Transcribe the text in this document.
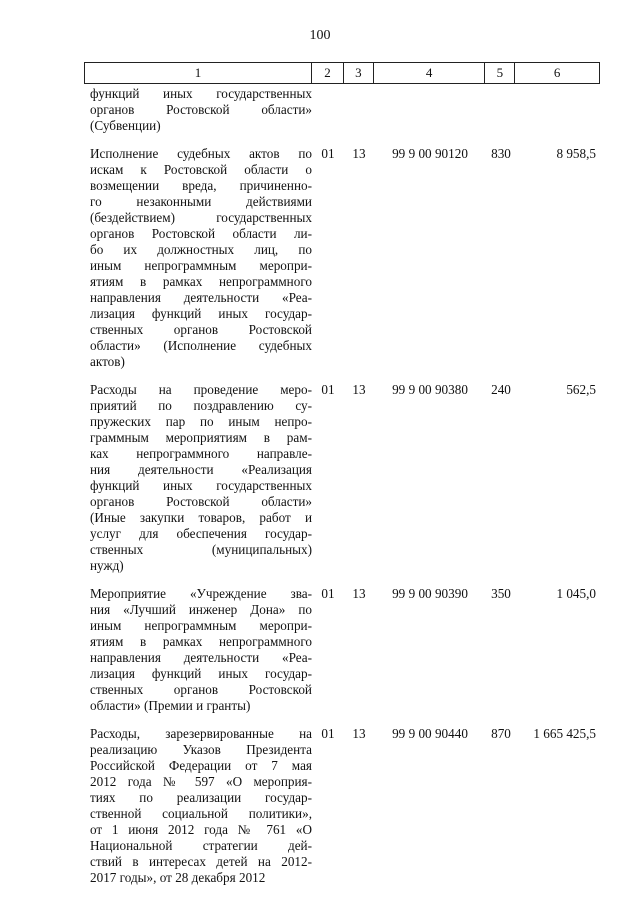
100
1	2	3	4	5	6
функций иных государственных
органов Ростовской области»
(Субвенции)
Исполнение судебных актов по
искам к Ростовской области о
возмещении вреда, причиненно-
го незаконными действиями
(бездействием) государственных
органов Ростовской области ли-
бо их должностных лиц, по
иным непрограммным меропри-
ятиям в рамках непрограммного
направления деятельности «Реа-
лизация функций иных государ-
ственных органов Ростовской
области» (Исполнение судебных
актов)
01	13	99 9 00 90120	830	8 958,5
Расходы на проведение меро-
приятий по поздравлению су-
пружеских пар по иным непро-
граммным мероприятиям в рам-
ках непрограммного направле-
ния деятельности «Реализация
функций иных государственных
органов Ростовской области»
(Иные закупки товаров, работ и
услуг для обеспечения государ-
ственных (муниципальных)
нужд)
01	13	99 9 00 90380	240	562,5
Мероприятие «Учреждение зва-
ния «Лучший инженер Дона» по
иным непрограммным меропри-
ятиям в рамках непрограммного
направления деятельности «Реа-
лизация функций иных государ-
ственных органов Ростовской
области» (Премии и гранты)
01	13	99 9 00 90390	350	1 045,0
Расходы, зарезервированные на
реализацию Указов Президента
Российской Федерации от 7 мая
2012 года № 597 «О мероприя-
тиях по реализации государ-
ственной социальной политики»,
от 1 июня 2012 года № 761 «О
Национальной стратегии дей-
ствий в интересах детей на 2012-
2017 годы», от 28 декабря 2012
01	13	99 9 00 90440	870	1 665 425,5
